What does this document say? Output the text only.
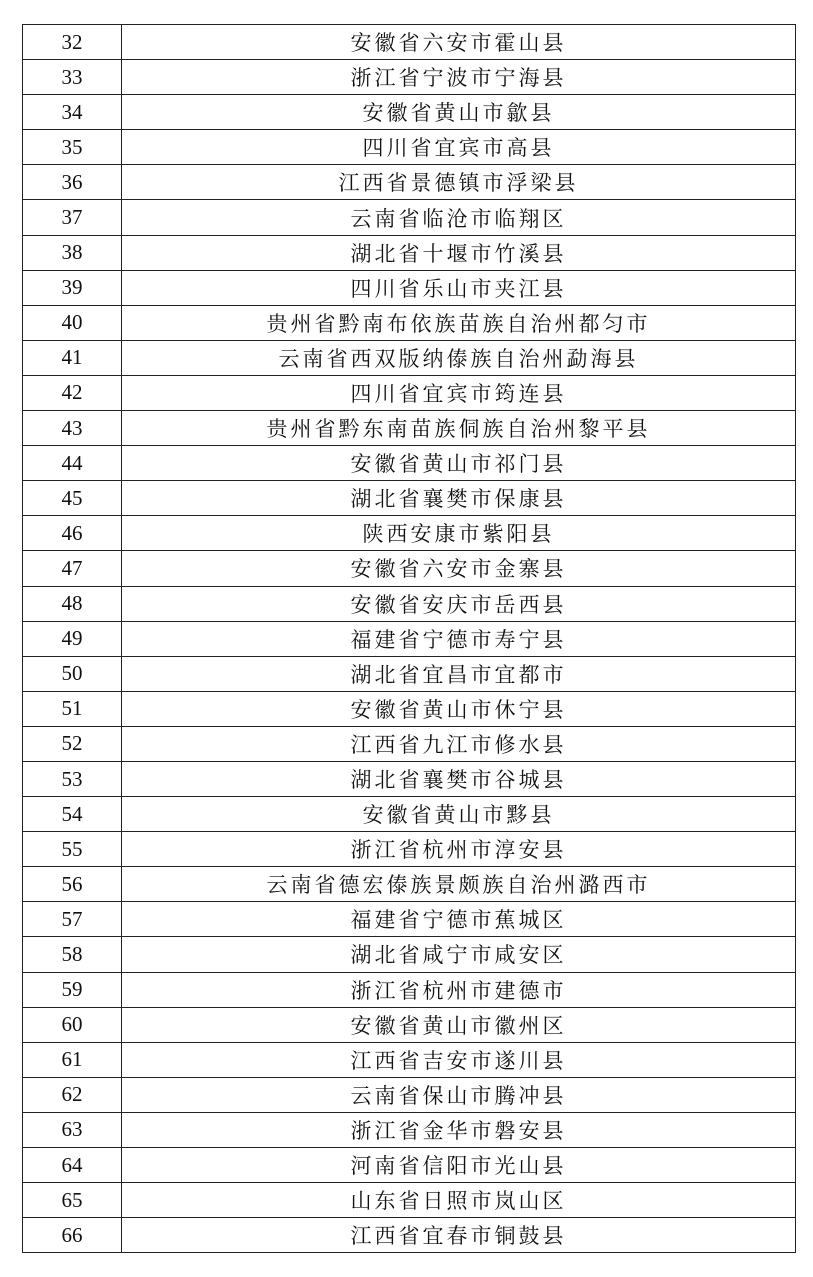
32	安徽省六安市霍山县
33	浙江省宁波市宁海县
34	安徽省黄山市歙县
35	四川省宜宾市高县
36	江西省景德镇市浮梁县
37	云南省临沧市临翔区
38	湖北省十堰市竹溪县
39	四川省乐山市夹江县
40	贵州省黔南布依族苗族自治州都匀市
41	云南省西双版纳傣族自治州勐海县
42	四川省宜宾市筠连县
43	贵州省黔东南苗族侗族自治州黎平县
44	安徽省黄山市祁门县
45	湖北省襄樊市保康县
46	陕西安康市紫阳县
47	安徽省六安市金寨县
48	安徽省安庆市岳西县
49	福建省宁德市寿宁县
50	湖北省宜昌市宜都市
51	安徽省黄山市休宁县
52	江西省九江市修水县
53	湖北省襄樊市谷城县
54	安徽省黄山市黟县
55	浙江省杭州市淳安县
56	云南省德宏傣族景颇族自治州潞西市
57	福建省宁德市蕉城区
58	湖北省咸宁市咸安区
59	浙江省杭州市建德市
60	安徽省黄山市徽州区
61	江西省吉安市遂川县
62	云南省保山市腾冲县
63	浙江省金华市磐安县
64	河南省信阳市光山县
65	山东省日照市岚山区
66	江西省宜春市铜鼓县
